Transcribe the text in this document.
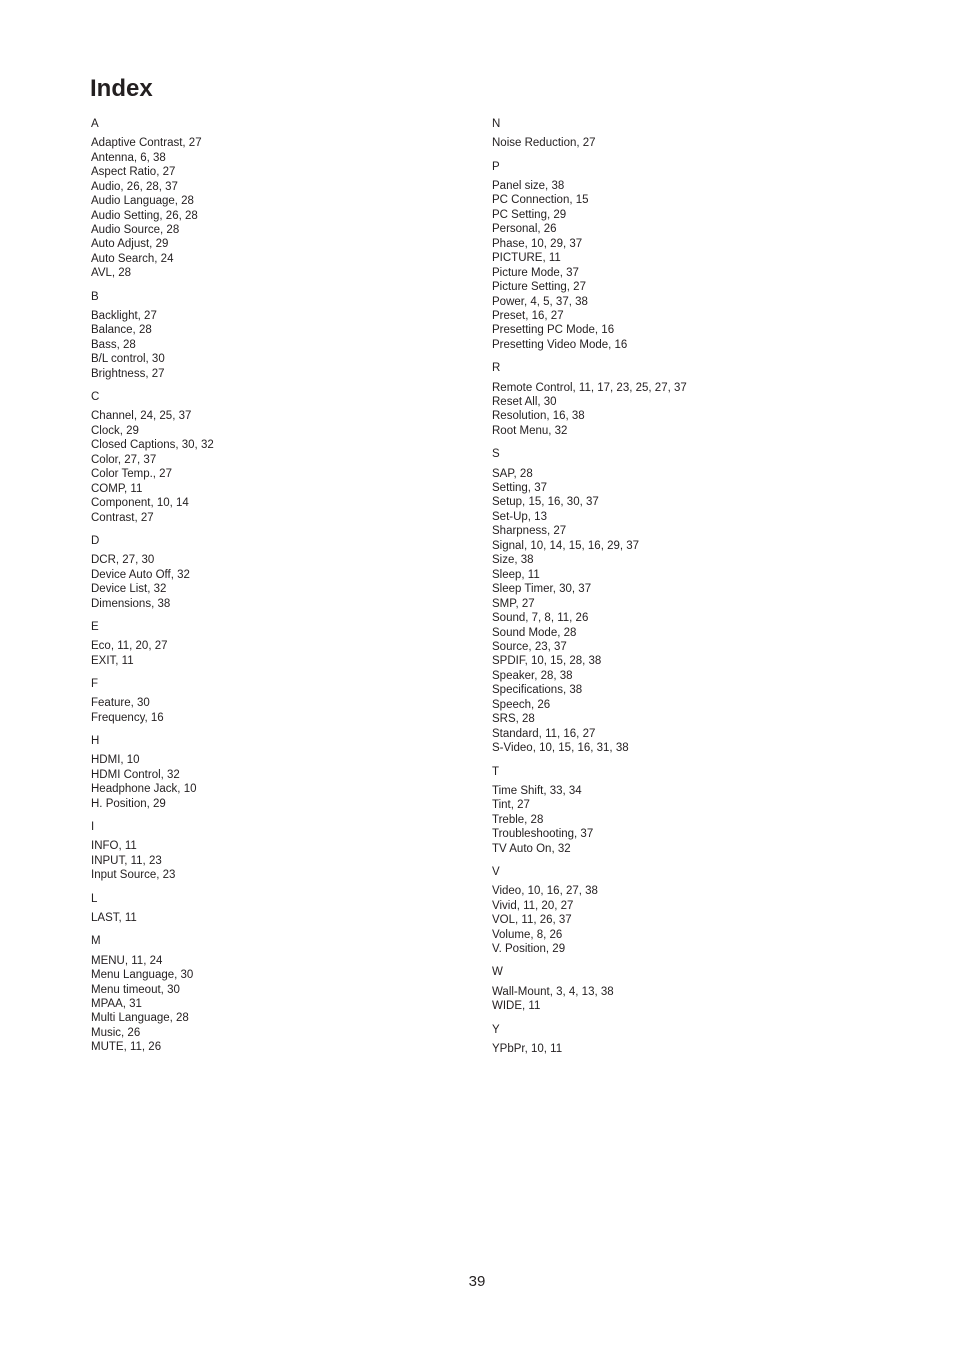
Index
A
Adaptive Contrast, 27
Antenna, 6, 38
Aspect Ratio, 27
Audio, 26, 28, 37
Audio Language, 28
Audio Setting, 26, 28
Audio Source, 28
Auto Adjust, 29
Auto Search, 24
AVL, 28
B
Backlight, 27
Balance, 28
Bass, 28
B/L control, 30
Brightness, 27
C
Channel, 24, 25, 37
Clock, 29
Closed Captions, 30, 32
Color, 27, 37
Color Temp., 27
COMP, 11
Component, 10, 14
Contrast, 27
D
DCR, 27, 30
Device Auto Off, 32
Device List, 32
Dimensions, 38
E
Eco, 11, 20, 27
EXIT, 11
F
Feature, 30
Frequency, 16
H
HDMI, 10
HDMI Control, 32
Headphone Jack, 10
H. Position, 29
I
INFO, 11
INPUT, 11, 23
Input Source, 23
L
LAST, 11
M
MENU, 11, 24
Menu Language, 30
Menu timeout, 30
MPAA, 31
Multi Language, 28
Music, 26
MUTE, 11, 26
N
Noise Reduction, 27
P
Panel size, 38
PC Connection, 15
PC Setting, 29
Personal, 26
Phase, 10, 29, 37
PICTURE, 11
Picture Mode, 37
Picture Setting, 27
Power, 4, 5, 37, 38
Preset, 16, 27
Presetting PC Mode, 16
Presetting Video Mode, 16
R
Remote Control, 11, 17, 23, 25, 27, 37
Reset All, 30
Resolution, 16, 38
Root Menu, 32
S
SAP, 28
Setting, 37
Setup, 15, 16, 30, 37
Set-Up, 13
Sharpness, 27
Signal, 10, 14, 15, 16, 29, 37
Size, 38
Sleep, 11
Sleep Timer, 30, 37
SMP, 27
Sound, 7, 8, 11, 26
Sound Mode, 28
Source, 23, 37
SPDIF, 10, 15, 28, 38
Speaker, 28, 38
Specifications, 38
Speech, 26
SRS, 28
Standard, 11, 16, 27
S-Video, 10, 15, 16, 31, 38
T
Time Shift, 33, 34
Tint, 27
Treble, 28
Troubleshooting, 37
TV Auto On, 32
V
Video, 10, 16, 27, 38
Vivid, 11, 20, 27
VOL, 11, 26, 37
Volume, 8, 26
V. Position, 29
W
Wall-Mount, 3, 4, 13, 38
WIDE, 11
Y
YPbPr, 10, 11
39
